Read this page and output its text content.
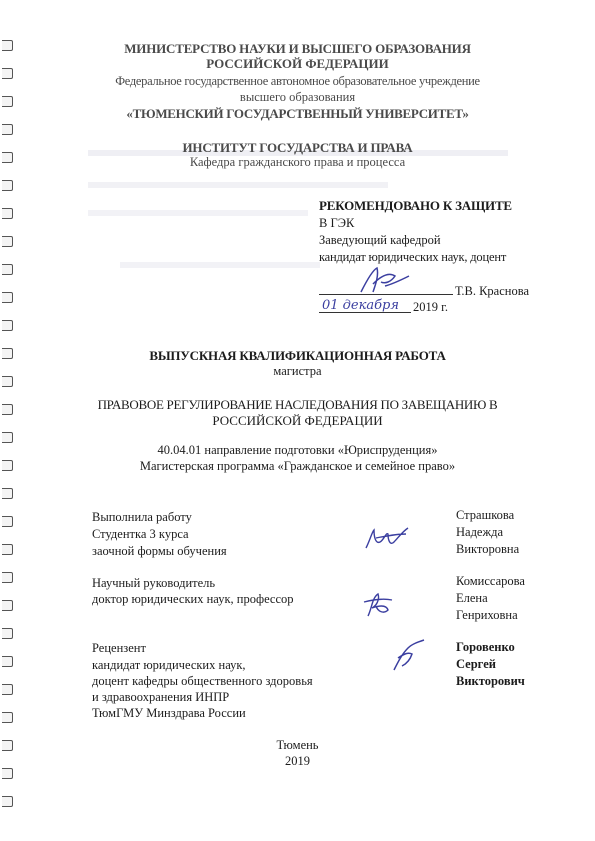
МИНИСТЕРСТВО НАУКИ И ВЫСШЕГО ОБРАЗОВАНИЯ
РОССИЙСКОЙ ФЕДЕРАЦИИ
Федеральное государственное автономное образовательное учреждение
высшего образования
«ТЮМЕНСКИЙ ГОСУДАРСТВЕННЫЙ УНИВЕРСИТЕТ»
ИНСТИТУТ ГОСУДАРСТВА И ПРАВА
Кафедра гражданского права и процесса
РЕКОМЕНДОВАНО К ЗАЩИТЕ
В ГЭК
Заведующий кафедрой
кандидат юридических наук, доцент
Т.В. Краснова
01 декабря 2019 г.
ВЫПУСКНАЯ КВАЛИФИКАЦИОННАЯ РАБОТА
магистра
ПРАВОВОЕ РЕГУЛИРОВАНИЕ НАСЛЕДОВАНИЯ ПО ЗАВЕЩАНИЮ В
РОССИЙСКОЙ ФЕДЕРАЦИИ
40.04.01 направление подготовки «Юриспруденция»
Магистерская программа «Гражданское и семейное право»
Выполнила работу
Студентка 3 курса
заочной формы обучения
Страшкова
Надежда
Викторовна
Научный руководитель
доктор юридических наук, профессор
Комиссарова
Елена
Генриховна
Рецензент
кандидат юридических наук,
доцент кафедры общественного здоровья
и здравоохранения ИНПР
ТюмГМУ Минздрава России
Горовенко
Сергей
Викторович
Тюмень
2019
